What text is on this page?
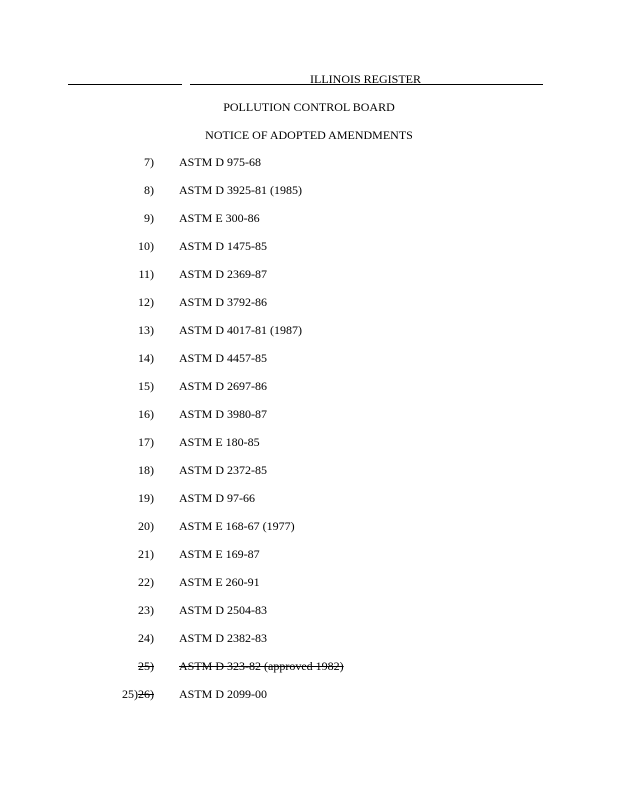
ILLINOIS REGISTER
POLLUTION CONTROL BOARD
NOTICE OF ADOPTED AMENDMENTS
7) ASTM D 975-68
8) ASTM D 3925-81 (1985)
9) ASTM E 300-86
10) ASTM D 1475-85
11) ASTM D 2369-87
12) ASTM D 3792-86
13) ASTM D 4017-81 (1987)
14) ASTM D 4457-85
15) ASTM D 2697-86
16) ASTM D 3980-87
17) ASTM E 180-85
18) ASTM D 2372-85
19) ASTM D 97-66
20) ASTM E 168-67 (1977)
21) ASTM E 169-87
22) ASTM E 260-91
23) ASTM D 2504-83
24) ASTM D 2382-83
25) ASTM D 323-82 (approved 1982)
25)26) ASTM D 2099-00
